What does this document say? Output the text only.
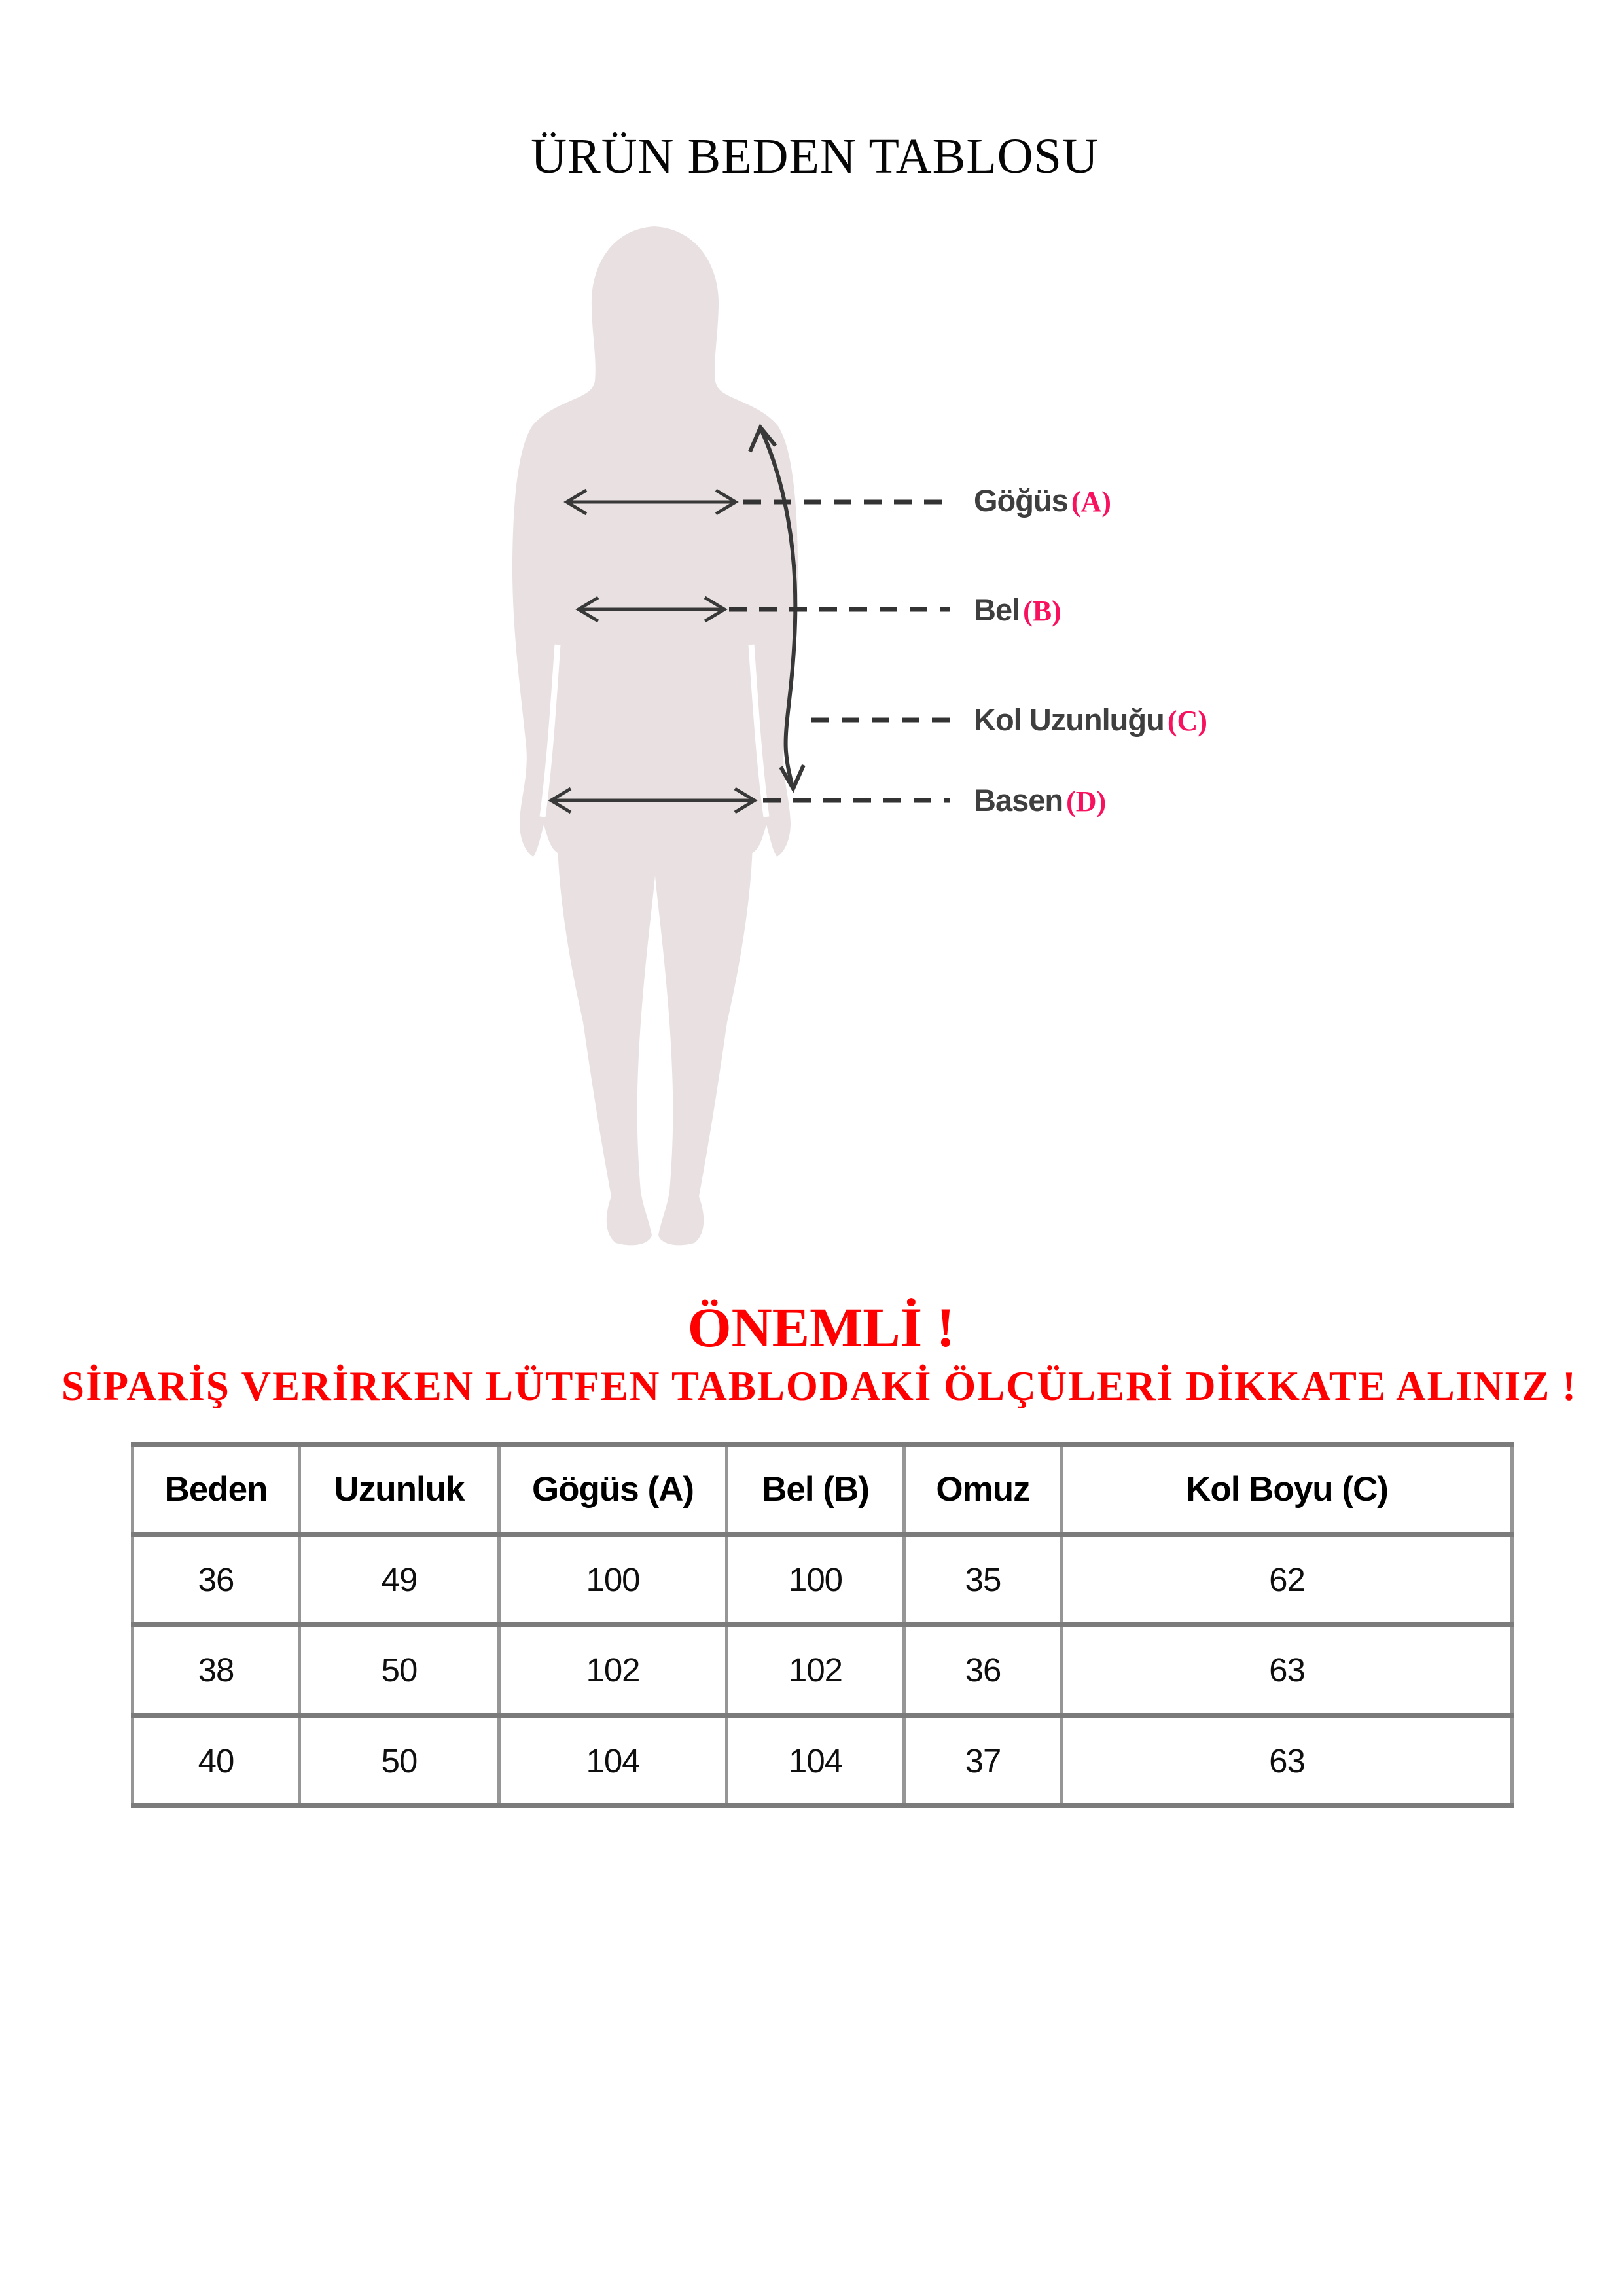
ÜRÜN BEDEN TABLOSU
Göğüs (A)
Bel (B)
Kol Uzunluğu (C)
Basen (D)
ÖNEMLİ !
SİPARİŞ VERİRKEN LÜTFEN TABLODAKİ ÖLÇÜLERİ DİKKATE ALINIZ !
Beden	Uzunluk	Gögüs (A)	Bel (B)	Omuz	Kol Boyu (C)
36	49	100	100	35	62
38	50	102	102	36	63
40	50	104	104	37	63
